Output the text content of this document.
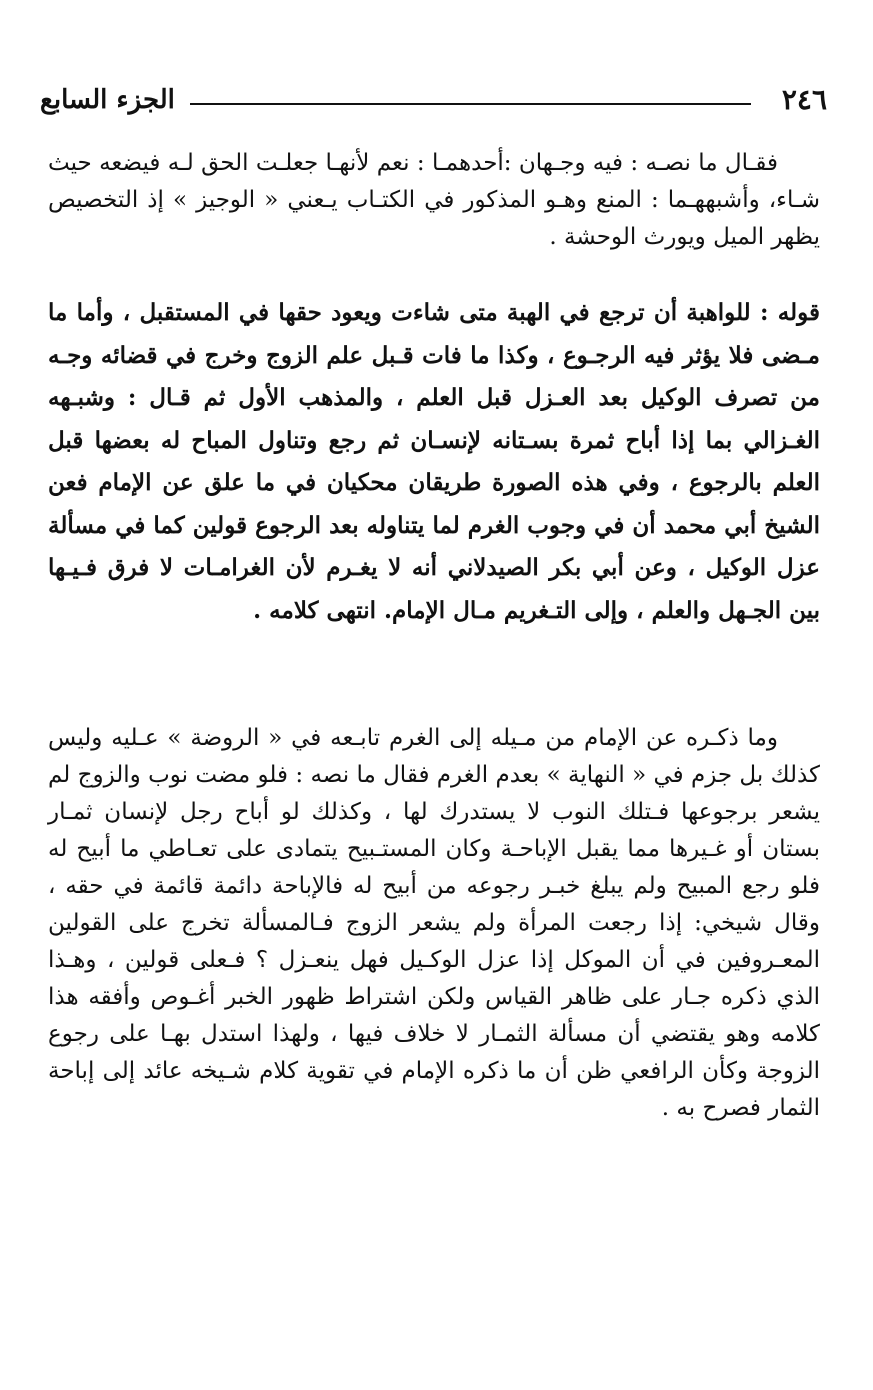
٢٤٦
الجزء السابع

فقـال ما نصـه : فيه وجـهان :أحدهمـا : نعم لأنهـا جعلـت الحق لـه فيضعه حيث شـاء، وأشبههـما : المنع وهـو المذكور في الكتـاب يـعني « الوجيز » إذ التخصيص يظهر الميل ويورث الوحشة .

قوله : للواهبة أن ترجع في الهبة متى شاءت ويعود حقها في المستقبل ، وأما ما مـضى فلا يؤثر فيه الرجـوع ، وكذا ما فات قـبل علم الزوج وخرج في قضائه وجـه من تصرف الوكيل بعد العـزل قبل العلم ، والمذهب الأول ثم قـال : وشبـهه الغـزالي بما إذا أباح ثمرة بسـتانه لإنسـان ثم رجع وتناول المباح له بعضها قبل العلم بالرجوع ، وفي هذه الصورة طريقان محكيان في ما علق عن الإمام فعن الشيخ أبي محمد أن في وجوب الغرم لما يتناوله بعد الرجوع قولين كما في مسألة عزل الوكيل ، وعن أبي بكر الصيدلاني أنه لا يغـرم لأن الغرامـات لا فرق فـيـها بين الجـهل والعلم ، وإلى التـغريم مـال الإمام. انتهى كلامه .

وما ذكـره عن الإمام من مـيله إلى الغرم تابـعه في « الروضة » عـليه وليس كذلك بل جزم في « النهاية » بعدم الغرم فقال ما نصه : فلو مضت نوب والزوج لم يشعر برجوعها فـتلك النوب لا يستدرك لها ، وكذلك لو أباح رجل لإنسان ثمـار بستان أو غـيرها مما يقبل الإباحـة وكان المستـبيح يتمادى على تعـاطي ما أبيح له فلو رجع المبيح ولم يبلغ خبـر رجوعه من أبيح له فالإباحة دائمة قائمة في حقه ، وقال شيخي: إذا رجعت المرأة ولم يشعر الزوج فـالمسألة تخرج على القولين المعـروفين في أن الموكل إذا عزل الوكـيل فهل ينعـزل ؟ فـعلى قولين ، وهـذا الذي ذكره جـار على ظاهر القياس ولكن اشتراط ظهور الخبر أغـوص وأفقه هذا كلامه وهو يقتضي أن مسألة الثمـار لا خلاف فيها ، ولهذا استدل بهـا على رجوع الزوجة وكأن الرافعي ظن أن ما ذكره الإمام في تقوية كلام شـيخه عائد إلى إباحة الثمار فصرح به .
